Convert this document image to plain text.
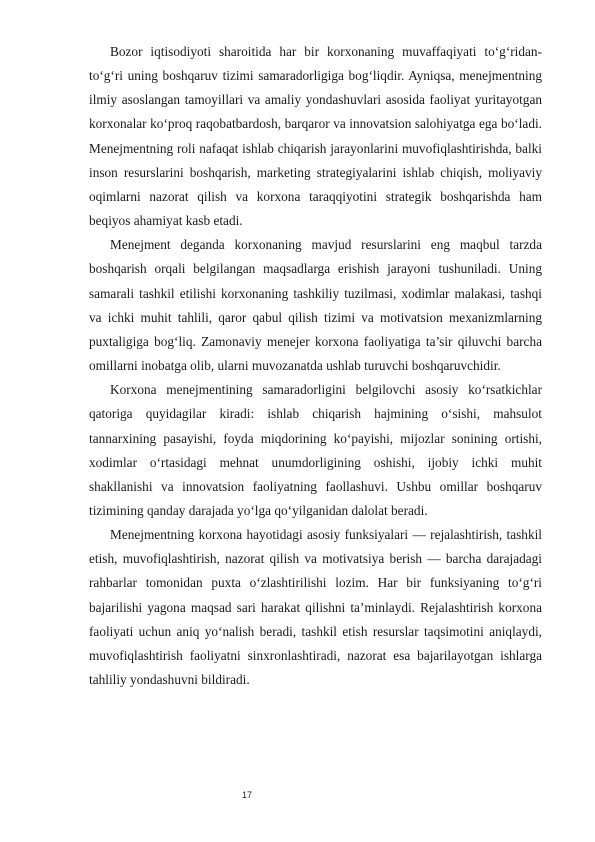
Bozor iqtisodiyoti sharoitida har bir korxonaning muvaffaqiyati to‘g‘ridan-to‘g‘ri uning boshqaruv tizimi samaradorligiga bog‘liqdir. Ayniqsa, menejmentning ilmiy asoslangan tamoyillari va amaliy yondashuvlari asosida faoliyat yuritayotgan korxonalar ko‘proq raqobatbardosh, barqaror va innovatsion salohiyatga ega bo‘ladi. Menejmentning roli nafaqat ishlab chiqarish jarayonlarini muvofiqlashtirishda, balki inson resurslarini boshqarish, marketing strategiyalarini ishlab chiqish, moliyaviy oqimlarni nazorat qilish va korxona taraqqiyotini strategik boshqarishda ham beqiyos ahamiyat kasb etadi.

Menejment deganda korxonaning mavjud resurslarini eng maqbul tarzda boshqarish orqali belgilangan maqsadlarga erishish jarayoni tushuniladi. Uning samarali tashkil etilishi korxonaning tashkiliy tuzilmasi, xodimlar malakasi, tashqi va ichki muhit tahlili, qaror qabul qilish tizimi va motivatsion mexanizmlarning puxtaligiga bog‘liq. Zamonaviy menejer korxona faoliyatiga ta’sir qiluvchi barcha omillarni inobatga olib, ularni muvozanatda ushlab turuvchi boshqaruvchidir.

Korxona menejmentining samaradorligini belgilovchi asosiy ko‘rsatkichlar qatoriga quyidagilar kiradi: ishlab chiqarish hajmining o‘sishi, mahsulot tannarxining pasayishi, foyda miqdorining ko‘payishi, mijozlar sonining ortishi, xodimlar o‘rtasidagi mehnat unumdorligining oshishi, ijobiy ichki muhit shakllanishi va innovatsion faoliyatning faollashuvi. Ushbu omillar boshqaruv tizimining qanday darajada yo‘lga qo‘yilganidan dalolat beradi.

Menejmentning korxona hayotidagi asosiy funksiyalari — rejalashtirish, tashkil etish, muvofiqlashtirish, nazorat qilish va motivatsiya berish — barcha darajadagi rahbarlar tomonidan puxta o‘zlashtirilishi lozim. Har bir funksiyaning to‘g‘ri bajarilishi yagona maqsad sari harakat qilishni ta’minlaydi. Rejalashtirish korxona faoliyati uchun aniq yo‘nalish beradi, tashkil etish resurslar taqsimotini aniqlaydi, muvofiqlashtirish faoliyatni sinxronlashtiradi, nazorat esa bajarilayotgan ishlarga tahliliy yondashuvni bildiradi.

17
